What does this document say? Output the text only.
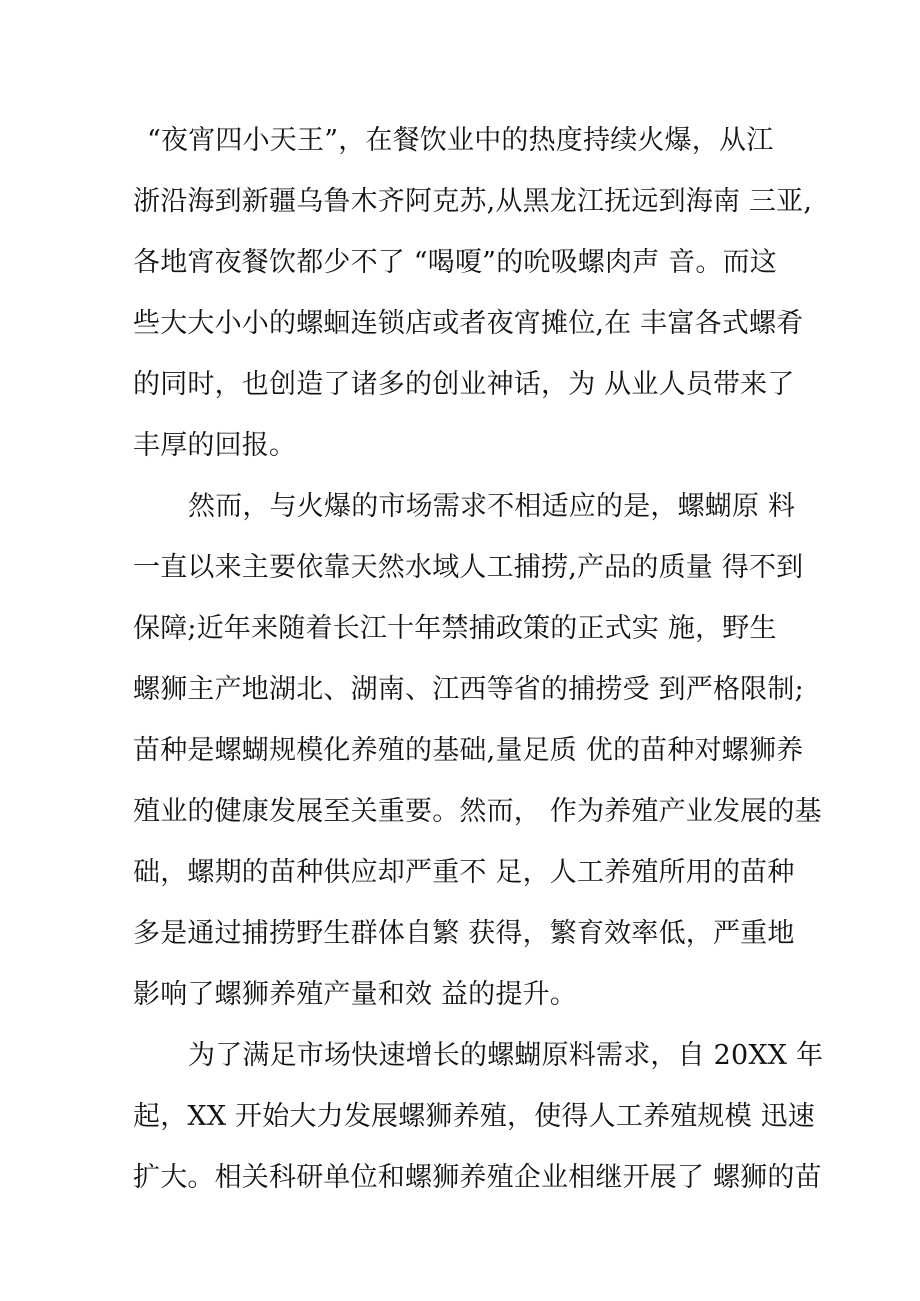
“夜宵四小天王”，在餐饮业中的热度持续火爆，从江
浙沿海到新疆乌鲁木齐阿克苏,从黑龙江抚远到海南 三亚,
各地宵夜餐饮都少不了 “喝嗄”的吮吸螺肉声 音。而这
些大大小小的螺蛔连锁店或者夜宵摊位,在 丰富各式螺肴
的同时，也创造了诸多的创业神话，为 从业人员带来了
丰厚的回报。
然而，与火爆的市场需求不相适应的是，螺蝴原 料
一直以来主要依靠天然水域人工捕捞,产品的质量 得不到
保障;近年来随着长江十年禁捕政策的正式实 施，野生
螺狮主产地湖北、湖南、江西等省的捕捞受 到严格限制;
苗种是螺蝴规模化养殖的基础,量足质 优的苗种对螺狮养
殖业的健康发展至关重要。然而， 作为养殖产业发展的基
础，螺期的苗种供应却严重不 足，人工养殖所用的苗种
多是通过捕捞野生群体自繁 获得，繁育效率低，严重地
影响了螺狮养殖产量和效 益的提升。
为了满足市场快速增长的螺蝴原料需求，自 20XX 年
起，XX 开始大力发展螺狮养殖，使得人工养殖规模 迅速
扩大。相关科研单位和螺狮养殖企业相继开展了 螺狮的苗
